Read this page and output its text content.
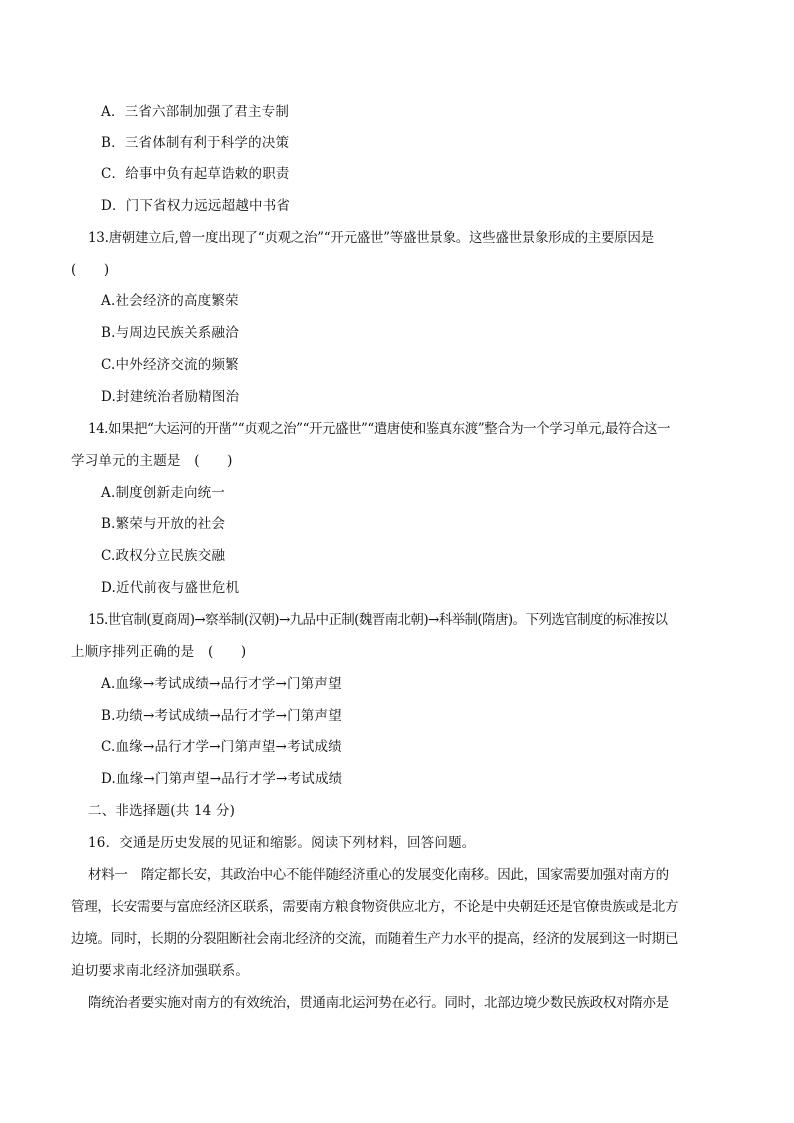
A．三省六部制加强了君主专制
B．三省体制有利于科学的决策
C．给事中负有起草诰敕的职责
D．门下省权力远远超越中书省
13.唐朝建立后,曾一度出现了“贞观之治”“开元盛世”等盛世景象。这些盛世景象形成的主要原因是
(　　)
A.社会经济的高度繁荣
B.与周边民族关系融洽
C.中外经济交流的频繁
D.封建统治者励精图治
14.如果把“大运河的开凿”“贞观之治”“开元盛世”“遣唐使和鉴真东渡”整合为一个学习单元,最符合这一
学习单元的主题是　(　　)
A.制度创新走向统一
B.繁荣与开放的社会
C.政权分立民族交融
D.近代前夜与盛世危机
15.世官制(夏商周)→察举制(汉朝)→九品中正制(魏晋南北朝)→科举制(隋唐)。下列选官制度的标准按以
上顺序排列正确的是　(　　)
A.血缘→考试成绩→品行才学→门第声望
B.功绩→考试成绩→品行才学→门第声望
C.血缘→品行才学→门第声望→考试成绩
D.血缘→门第声望→品行才学→考试成绩
二、非选择题(共 14 分)
16．交通是历史发展的见证和缩影。阅读下列材料，回答问题。
材料一　隋定都长安，其政治中心不能伴随经济重心的发展变化南移。因此，国家需要加强对南方的
管理，长安需要与富庶经济区联系，需要南方粮食物资供应北方，不论是中央朝廷还是官僚贵族或是北方
边境。同时，长期的分裂阻断社会南北经济的交流，而随着生产力水平的提高，经济的发展到这一时期已
迫切要求南北经济加强联系。
隋统治者要实施对南方的有效统治，贯通南北运河势在必行。同时，北部边境少数民族政权对隋亦是
